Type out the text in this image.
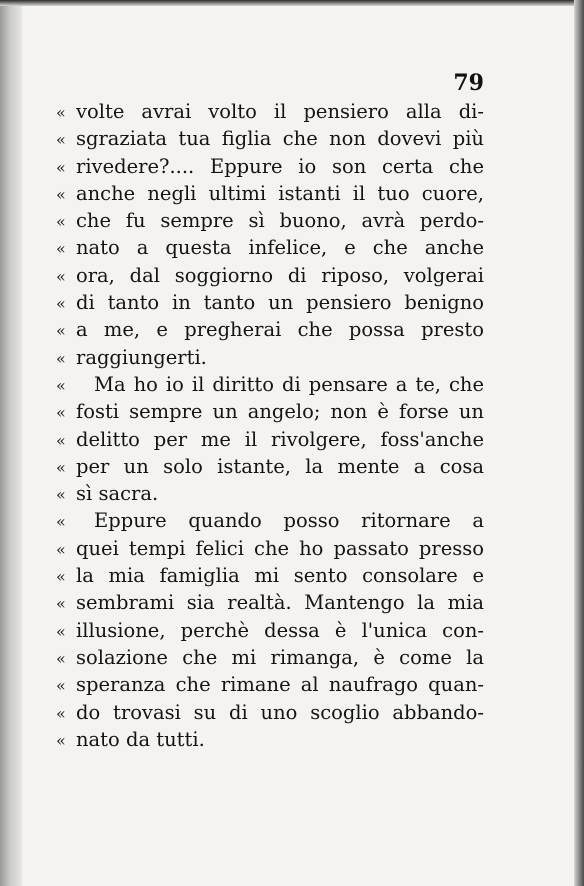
79
« volte avrai volto il pensiero alla di-
« sgraziata tua figlia che non dovevi più
« rivedere?.... Eppure io son certa che
« anche negli ultimi istanti il tuo cuore,
« che fu sempre sì buono, avrà perdo-
« nato a questa infelice, e che anche
« ora, dal soggiorno di riposo, volgerai
« di tanto in tanto un pensiero benigno
« a me, e pregherai che possa presto
« raggiungerti.
«	Ma ho io il diritto di pensare a te, che
« fosti sempre un angelo; non è forse un
« delitto per me il rivolgere, foss'anche
« per un solo istante, la mente a cosa
« sì sacra.
«	Eppure quando posso ritornare a
« quei tempi felici che ho passato presso
« la mia famiglia mi sento consolare e
« sembrami sia realtà. Mantengo la mia
« illusione, perchè dessa è l'unica con-
« solazione che mi rimanga, è come la
« speranza che rimane al naufrago quan-
« do trovasi su di uno scoglio abbando-
« nato da tutti.
